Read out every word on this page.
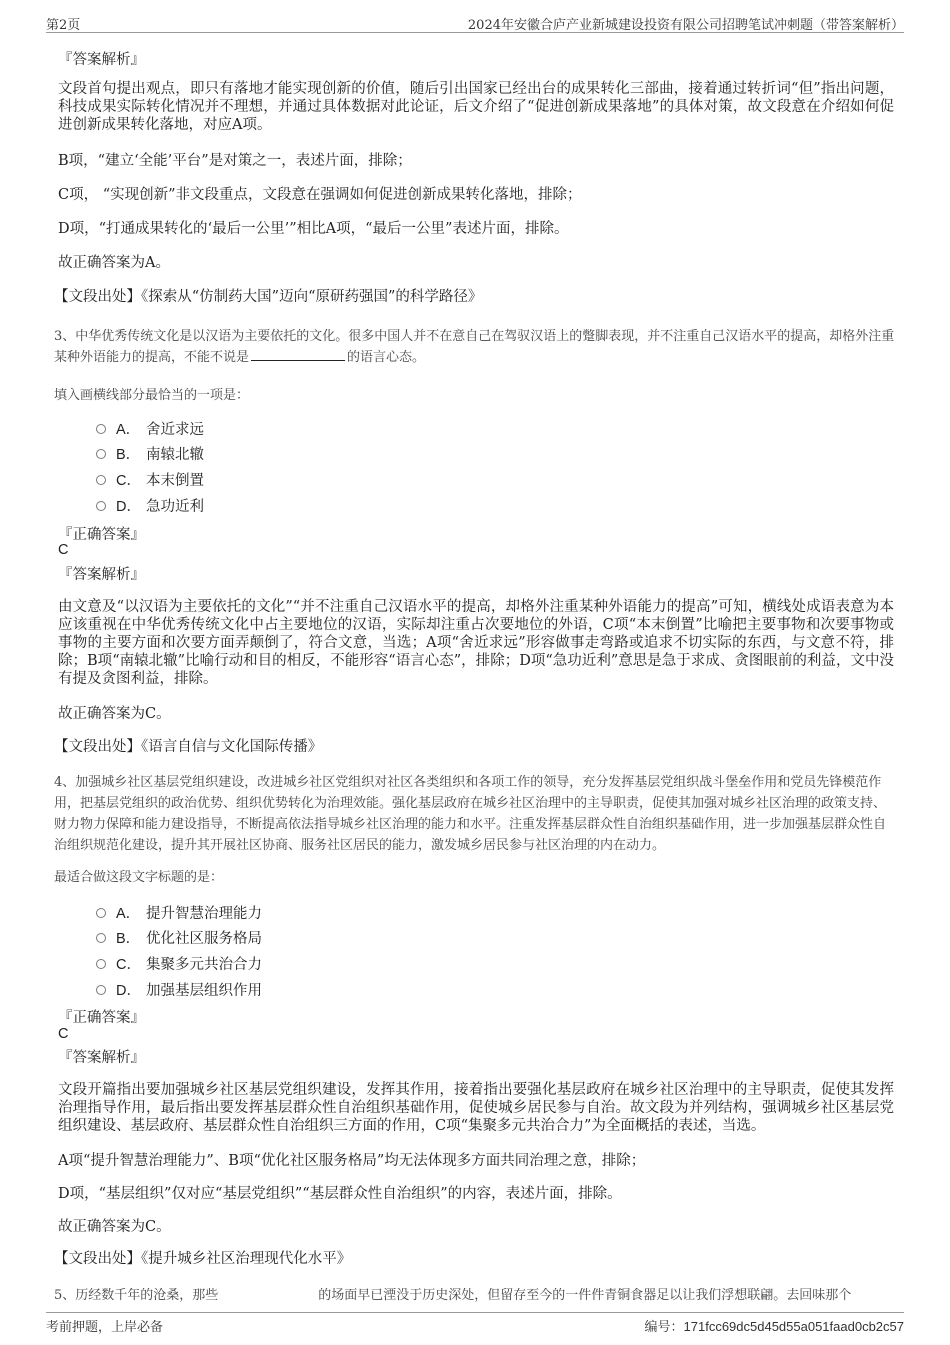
第2页	2024年安徽合庐产业新城建设投资有限公司招聘笔试冲刺题（带答案解析）
『答案解析』
文段首句提出观点，即只有落地才能实现创新的价值，随后引出国家已经出台的成果转化三部曲，接着通过转折词“但”指出问题，科技成果实际转化情况并不理想，并通过具体数据对此论证，后文介绍了“促进创新成果落地”的具体对策，故文段意在介绍如何促进创新成果转化落地，对应A项。
B项，“建立‘全能’平台”是对策之一，表述片面，排除；
C项， “实现创新”非文段重点，文段意在强调如何促进创新成果转化落地，排除；
D项，“打通成果转化的‘最后一公里’”相比A项，“最后一公里”表述片面，排除。
故正确答案为A。
【文段出处】《探索从“仿制药大国”迈向“原研药强国”的科学路径》
3、中华优秀传统文化是以汉语为主要依托的文化。很多中国人并不在意自己在驾驭汉语上的蹩脚表现，并不注重自己汉语水平的提高，却格外注重某种外语能力的提高，不能不说是	的语言心态。
填入画横线部分最恰当的一项是：
A． 舍近求远
B． 南辕北辙
C． 本末倒置
D． 急功近利
『正确答案』
C
『答案解析』
由文意及“以汉语为主要依托的文化”“并不注重自己汉语水平的提高，却格外注重某种外语能力的提高”可知，横线处成语表意为本应该重视在中华优秀传统文化中占主要地位的汉语，实际却注重占次要地位的外语，C项“本末倒置”比喻把主要事物和次要事物或事物的主要方面和次要方面弄颠倒了，符合文意，当选；A项“舍近求远”形容做事走弯路或追求不切实际的东西，与文意不符，排除；B项“南辕北辙”比喻行动和目的相反，不能形容“语言心态”，排除；D项“急功近利”意思是急于求成、贪图眼前的利益，文中没有提及贪图利益，排除。
故正确答案为C。
【文段出处】《语言自信与文化国际传播》
4、加强城乡社区基层党组织建设，改进城乡社区党组织对社区各类组织和各项工作的领导，充分发挥基层党组织战斗堡垒作用和党员先锋模范作用，把基层党组织的政治优势、组织优势转化为治理效能。强化基层政府在城乡社区治理中的主导职责，促使其加强对城乡社区治理的政策支持、财力物力保障和能力建设指导，不断提高依法指导城乡社区治理的能力和水平。注重发挥基层群众性自治组织基础作用，进一步加强基层群众性自治组织规范化建设，提升其开展社区协商、服务社区居民的能力，激发城乡居民参与社区治理的内在动力。
最适合做这段文字标题的是：
A． 提升智慧治理能力
B． 优化社区服务格局
C． 集聚多元共治合力
D． 加强基层组织作用
『正确答案』
C
『答案解析』
文段开篇指出要加强城乡社区基层党组织建设，发挥其作用，接着指出要强化基层政府在城乡社区治理中的主导职责，促使其发挥治理指导作用，最后指出要发挥基层群众性自治组织基础作用，促使城乡居民参与自治。故文段为并列结构，强调城乡社区基层党组织建设、基层政府、基层群众性自治组织三方面的作用，C项“集聚多元共治合力”为全面概括的表述，当选。
A项“提升智慧治理能力”、B项“优化社区服务格局”均无法体现多方面共同治理之意，排除；
D项，“基层组织”仅对应“基层党组织”“基层群众性自治组织”的内容，表述片面，排除。
故正确答案为C。
【文段出处】《提升城乡社区治理现代化水平》
5、历经数千年的沧桑，那些	的场面早已湮没于历史深处，但留存至今的一件件青铜食器足以让我们浮想联翩。去回味那个
考前押题，上岸必备	编号：171fcc69dc5d45d55a051faad0cb2c57
